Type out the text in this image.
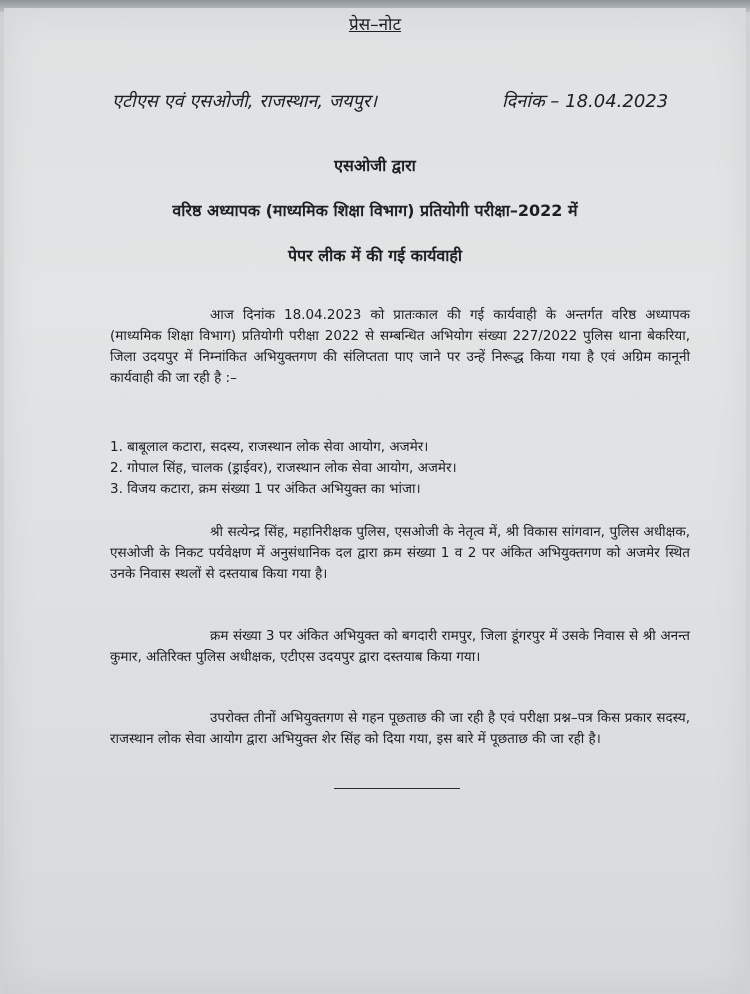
प्रेस–नोट
एटीएस एवं एसओजी, राजस्थान, जयपुर।	दिनांक – 18.04.2023
एसओजी द्वारा
वरिष्ठ अध्यापक (माध्यमिक शिक्षा विभाग) प्रतियोगी परीक्षा–2022 में
पेपर लीक में की गई कार्यवाही
आज दिनांक 18.04.2023 को प्रातःकाल की गई कार्यवाही के अन्तर्गत वरिष्ठ अध्यापक (माध्यमिक शिक्षा विभाग) प्रतियोगी परीक्षा 2022 से सम्बन्धित अभियोग संख्या 227/2022 पुलिस थाना बेकरिया, जिला उदयपुर में निम्नांकित अभियुक्तगण की संलिप्तता पाए जाने पर उन्हें निरूद्ध किया गया है एवं अग्रिम कानूनी कार्यवाही की जा रही है :–
1. बाबूलाल कटारा, सदस्य, राजस्थान लोक सेवा आयोग, अजमेर।
2. गोपाल सिंह, चालक (ड्राईवर), राजस्थान लोक सेवा आयोग, अजमेर।
3. विजय कटारा, क्रम संख्या 1 पर अंकित अभियुक्त का भांजा।
श्री सत्येन्द्र सिंह, महानिरीक्षक पुलिस, एसओजी के नेतृत्व में, श्री विकास सांगवान, पुलिस अधीक्षक, एसओजी के निकट पर्यवेक्षण में अनुसंधानिक दल द्वारा क्रम संख्या 1 व 2 पर अंकित अभियुक्तगण को अजमेर स्थित उनके निवास स्थलों से दस्तयाब किया गया है।
क्रम संख्या 3 पर अंकित अभियुक्त को बगदारी रामपुर, जिला डूंगरपुर में उसके निवास से श्री अनन्त कुमार, अतिरिक्त पुलिस अधीक्षक, एटीएस उदयपुर द्वारा दस्तयाब किया गया।
उपरोक्त तीनों अभियुक्तगण से गहन पूछताछ की जा रही है एवं परीक्षा प्रश्न–पत्र किस प्रकार सदस्य, राजस्थान लोक सेवा आयोग द्वारा अभियुक्त शेर सिंह को दिया गया, इस बारे में पूछताछ की जा रही है।
